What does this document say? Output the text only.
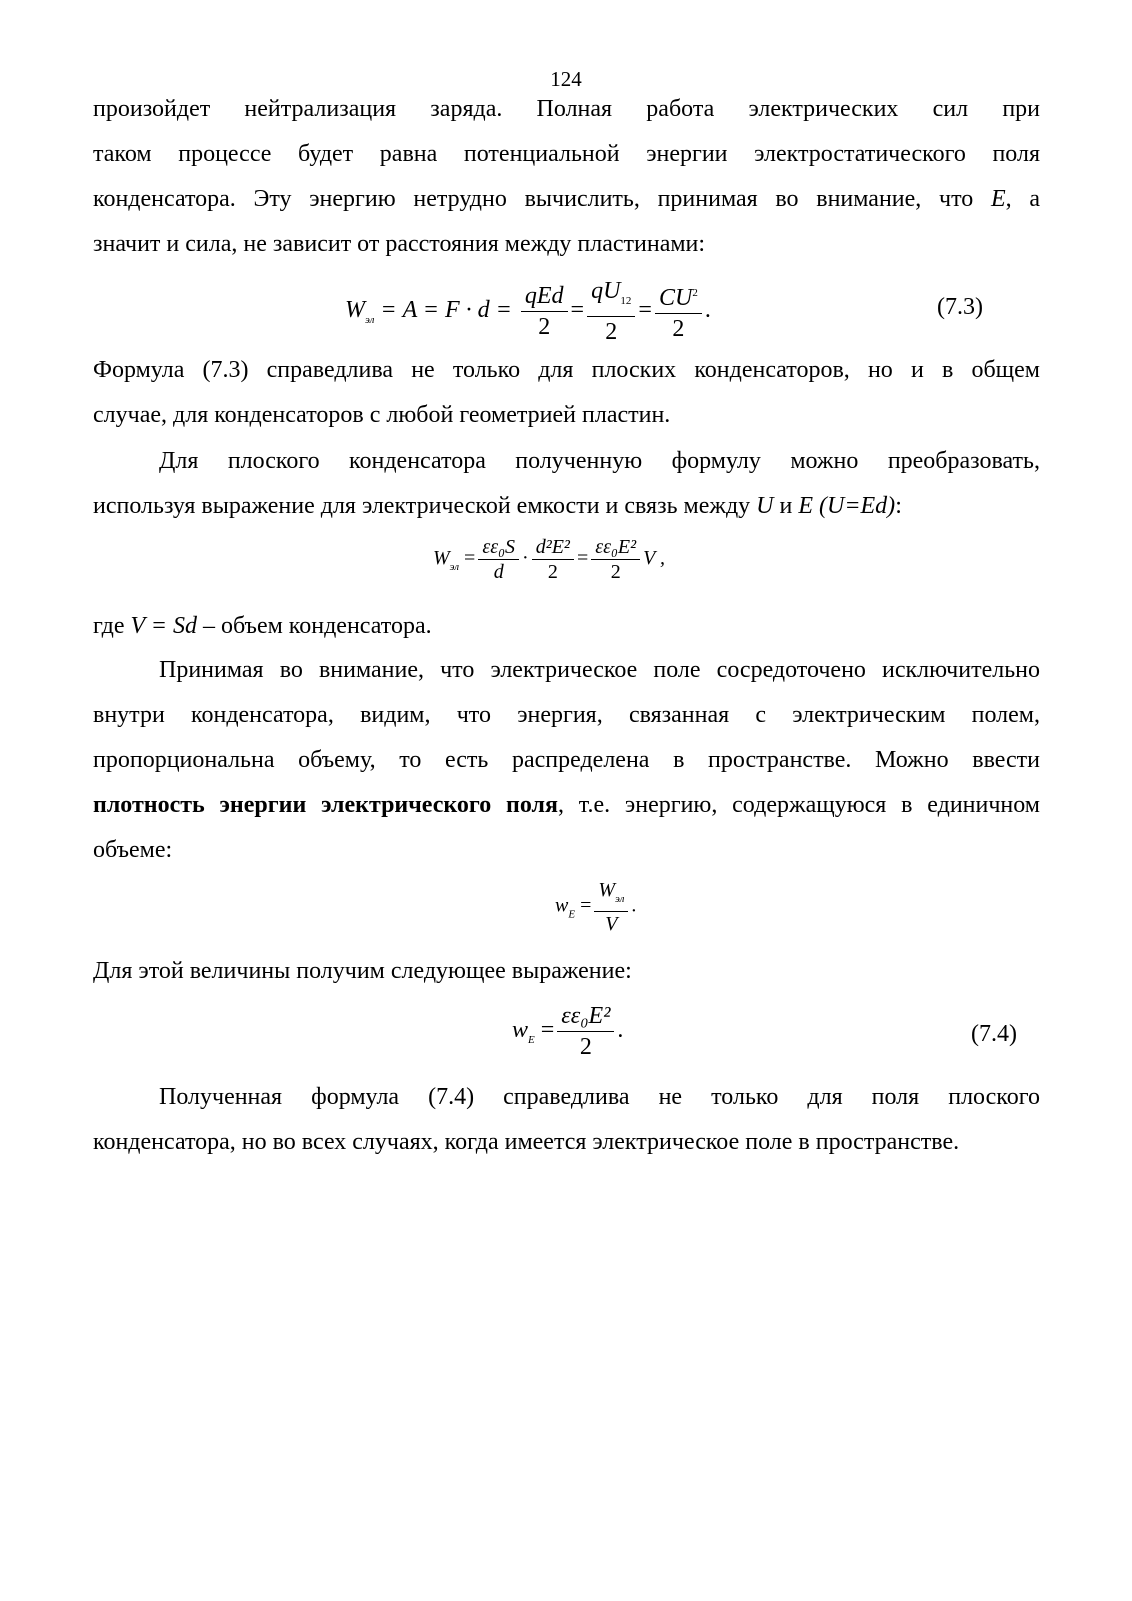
124
произойдет нейтрализация заряда. Полная работа электрических сил при
таком процессе будет равна потенциальной энергии электростатического поля
конденсатора. Эту энергию нетрудно вычислить, принимая во внимание, что E, а
значит и сила, не зависит от расстояния между пластинами:
$W_{эл} = A = F \cdot d = \frac{\text{qEd}}{2} = \frac{qU_{12}}{2} = \frac{CU^2}{2}$ .	(7.3)
Формула (7.3) справедлива не только для плоских конденсаторов, но и в общем
случае, для конденсаторов с любой геометрией пластин.
Для плоского конденсатора полученную формулу можно преобразовать,
используя выражение для электрической емкости и связь между U и E (U=Ed):
$W_{эл} = \frac{\text{εε₀S}}{d} \cdot \frac{\text{d²E²}}{2} = \frac{\text{εε₀E²}}{2}$ V ,
где V = Sd – объем конденсатора.
Принимая во внимание, что электрическое поле сосредоточено исключительно
внутри конденсатора, видим, что энергия, связанная с электрическим полем,
пропорциональна объему, то есть распределена в пространстве. Можно ввести
плотность энергии электрического поля, т.е. энергию, содержащуюся в единичном
объеме:
$w_E = \frac{W_{эл}}{V}$ .
Для этой величины получим следующее выражение:
$w_E = \frac{\text{εε₀E²}}{2}$ .	(7.4)
Полученная формула (7.4) справедлива не только для поля плоского
конденсатора, но во всех случаях, когда имеется электрическое поле в пространстве.
